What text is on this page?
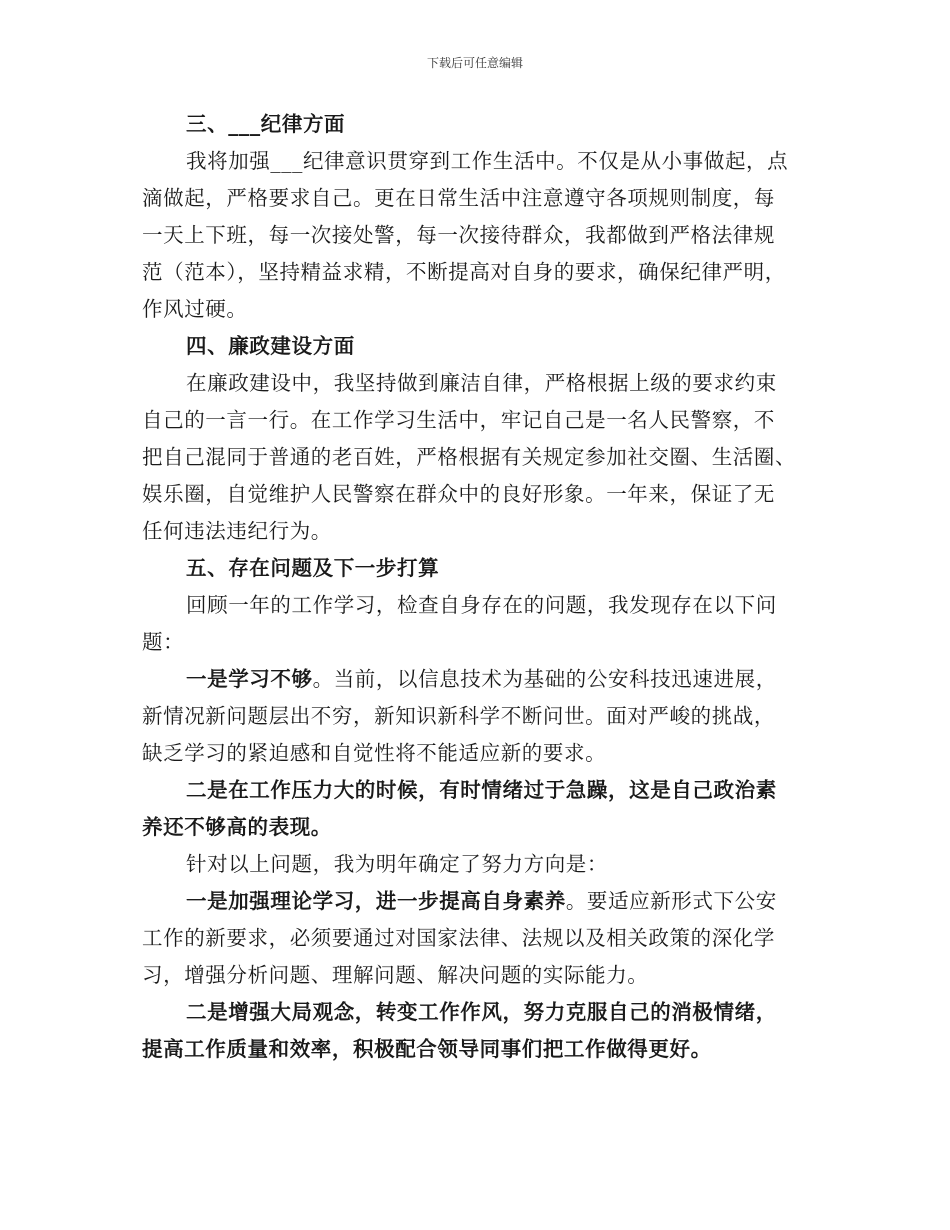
下载后可任意编辑
三、___纪律方面
我将加强___纪律意识贯穿到工作生活中。不仅是从小事做起，点
滴做起，严格要求自己。更在日常生活中注意遵守各项规则制度，每
一天上下班，每一次接处警，每一次接待群众，我都做到严格法律规
范（范本），坚持精益求精，不断提高对自身的要求，确保纪律严明，
作风过硬。
四、廉政建设方面
在廉政建设中，我坚持做到廉洁自律，严格根据上级的要求约束
自己的一言一行。在工作学习生活中，牢记自己是一名人民警察，不
把自己混同于普通的老百姓，严格根据有关规定参加社交圈、生活圈、
娱乐圈，自觉维护人民警察在群众中的良好形象。一年来，保证了无
任何违法违纪行为。
五、存在问题及下一步打算
回顾一年的工作学习，检查自身存在的问题，我发现存在以下问
题：
一是学习不够。当前，以信息技术为基础的公安科技迅速进展，
新情况新问题层出不穷，新知识新科学不断问世。面对严峻的挑战，
缺乏学习的紧迫感和自觉性将不能适应新的要求。
二是在工作压力大的时候，有时情绪过于急躁，这是自己政治素
养还不够高的表现。
针对以上问题，我为明年确定了努力方向是：
一是加强理论学习，进一步提高自身素养。要适应新形式下公安
工作的新要求，必须要通过对国家法律、法规以及相关政策的深化学
习，增强分析问题、理解问题、解决问题的实际能力。
二是增强大局观念，转变工作作风，努力克服自己的消极情绪，
提高工作质量和效率，积极配合领导同事们把工作做得更好。
